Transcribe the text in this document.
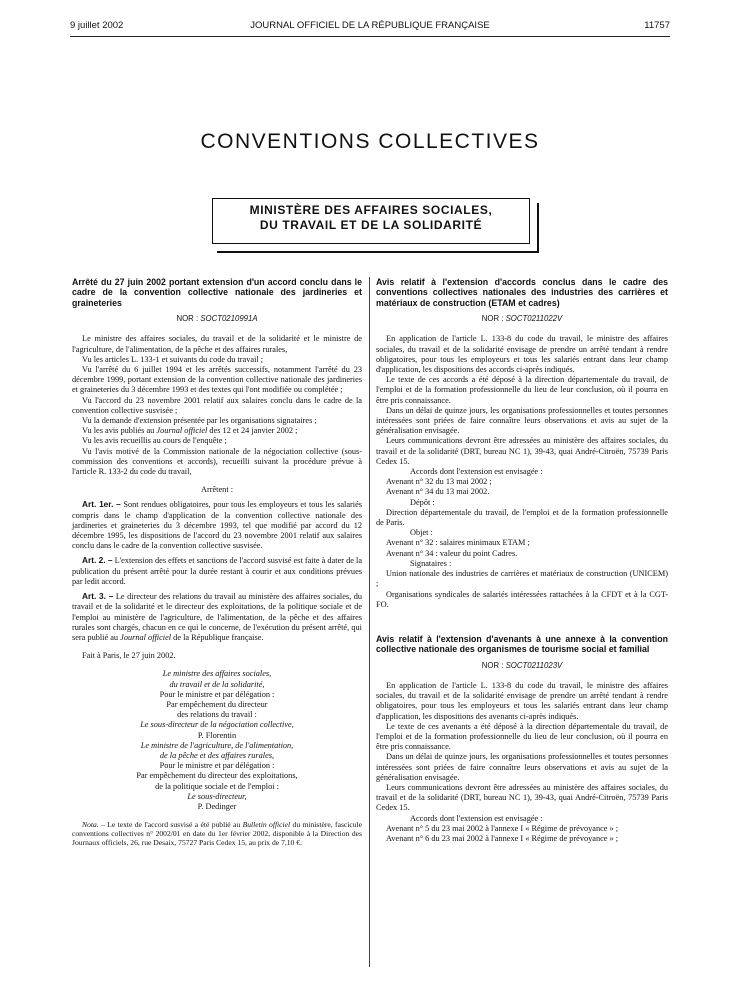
9 juillet 2002	JOURNAL OFFICIEL DE LA RÉPUBLIQUE FRANÇAISE	11757
CONVENTIONS COLLECTIVES
MINISTÈRE DES AFFAIRES SOCIALES,
DU TRAVAIL ET DE LA SOLIDARITÉ
Arrêté du 27 juin 2002 portant extension d'un accord conclu dans le cadre de la convention collective nationale des jardineries et graineteries
NOR : SOCT0210991A

Le ministre des affaires sociales, du travail et de la solidarité et le ministre de l'agriculture, de l'alimentation, de la pêche et des affaires rurales,

Vu les articles L. 133-1 et suivants du code du travail ;

Vu l'arrêté du 6 juillet 1994 et les arrêtés successifs, notamment l'arrêté du 23 décembre 1999, portant extension de la convention collective nationale des jardineries et graineteries du 3 décembre 1993 et des textes qui l'ont modifiée ou complétée ;

Vu l'accord du 23 novembre 2001 relatif aux salaires conclu dans le cadre de la convention collective susvisée ;

Vu la demande d'extension présentée par les organisations signataires ;

Vu les avis publiés au Journal officiel des 12 et 24 janvier 2002 ;

Vu les avis recueillis au cours de l'enquête ;

Vu l'avis motivé de la Commission nationale de la négociation collective (sous-commission des conventions et accords), recueilli suivant la procédure prévue à l'article R. 133-2 du code du travail,

Arrêtent :

Art. 1er. – Sont rendues obligatoires, pour tous les employeurs et tous les salariés compris dans le champ d'application de la convention collective nationale des jardineries et graineteries du 3 décembre 1993, tel que modifié par accord du 12 décembre 1995, les dispositions de l'accord du 23 novembre 2001 relatif aux salaires conclu dans le cadre de la convention collective susvisée.

Art. 2. – L'extension des effets et sanctions de l'accord susvisé est faite à dater de la publication du présent arrêté pour la durée restant à courir et aux conditions prévues par ledit accord.

Art. 3. – Le directeur des relations du travail au ministère des affaires sociales, du travail et de la solidarité et le directeur des exploitations, de la politique sociale et de l'emploi au ministère de l'agriculture, de l'alimentation, de la pêche et des affaires rurales sont chargés, chacun en ce qui le concerne, de l'exécution du présent arrêté, qui sera publié au Journal officiel de la République française.

Fait à Paris, le 27 juin 2002.

Le ministre des affaires sociales,
du travail et de la solidarité,
Pour le ministre et par délégation :
Par empêchement du directeur
des relations du travail :
Le sous-directeur de la négociation collective,
P. Florentin
Le ministre de l'agriculture, de l'alimentation,
de la pêche et des affaires rurales,
Pour le ministre et par délégation :
Par empêchement du directeur des exploitations,
de la politique sociale et de l'emploi :
Le sous-directeur,
P. Dedinger

Nota. – Le texte de l'accord susvisé a été publié au Bulletin officiel du ministère, fascicule conventions collectives n° 2002/01 en date du 1er février 2002, disponible à la Direction des Journaux officiels, 26, rue Desaix, 75727 Paris Cedex 15, au prix de 7,10 €.

Avis relatif à l'extension d'accords conclus dans le cadre des conventions collectives nationales des industries des carrières et matériaux de construction (ETAM et cadres)
NOR : SOCT0211022V

En application de l'article L. 133-8 du code du travail, le ministre des affaires sociales, du travail et de la solidarité envisage de prendre un arrêté tendant à rendre obligatoires, pour tous les employeurs et tous les salariés entrant dans leur champ d'application, les dispositions des accords ci-après indiqués.

Le texte de ces accords a été déposé à la direction départementale du travail, de l'emploi et de la formation professionnelle du lieu de leur conclusion, où il pourra en être pris connaissance.

Dans un délai de quinze jours, les organisations professionnelles et toutes personnes intéressées sont priées de faire connaître leurs observations et avis au sujet de la généralisation envisagée.

Leurs communications devront être adressées au ministère des affaires sociales, du travail et de la solidarité (DRT, bureau NC 1), 39-43, quai André-Citroën, 75739 Paris Cedex 15.

Accords dont l'extension est envisagée :

Avenant n° 32 du 13 mai 2002 ;

Avenant n° 34 du 13 mai 2002.

Dépôt :

Direction départementale du travail, de l'emploi et de la formation professionnelle de Paris.

Objet :

Avenant n° 32 : salaires minimaux ETAM ;

Avenant n° 34 : valeur du point Cadres.

Signataires :

Union nationale des industries de carrières et matériaux de construction (UNICEM) ;

Organisations syndicales de salariés intéressées rattachées à la CFDT et à la CGT-FO.

Avis relatif à l'extension d'avenants à une annexe à la convention collective nationale des organismes de tourisme social et familial
NOR : SOCT0211023V

En application de l'article L. 133-8 du code du travail, le ministre des affaires sociales, du travail et de la solidarité envisage de prendre un arrêté tendant à rendre obligatoires, pour tous les employeurs et tous les salariés entrant dans leur champ d'application, les dispositions des avenants ci-après indiqués.

Le texte de ces avenants a été déposé à la direction départementale du travail, de l'emploi et de la formation professionnelle du lieu de leur conclusion, où il pourra en être pris connaissance.

Dans un délai de quinze jours, les organisations professionnelles et toutes personnes intéressées sont priées de faire connaître leurs observations et avis au sujet de la généralisation envisagée.

Leurs communications devront être adressées au ministère des affaires sociales, du travail et de la solidarité (DRT, bureau NC 1), 39-43, quai André-Citroën, 75739 Paris Cedex 15.

Accords dont l'extension est envisagée :

Avenant n° 5 du 23 mai 2002 à l'annexe I « Régime de prévoyance » ;

Avenant n° 6 du 23 mai 2002 à l'annexe I « Régime de prévoyance » ;
